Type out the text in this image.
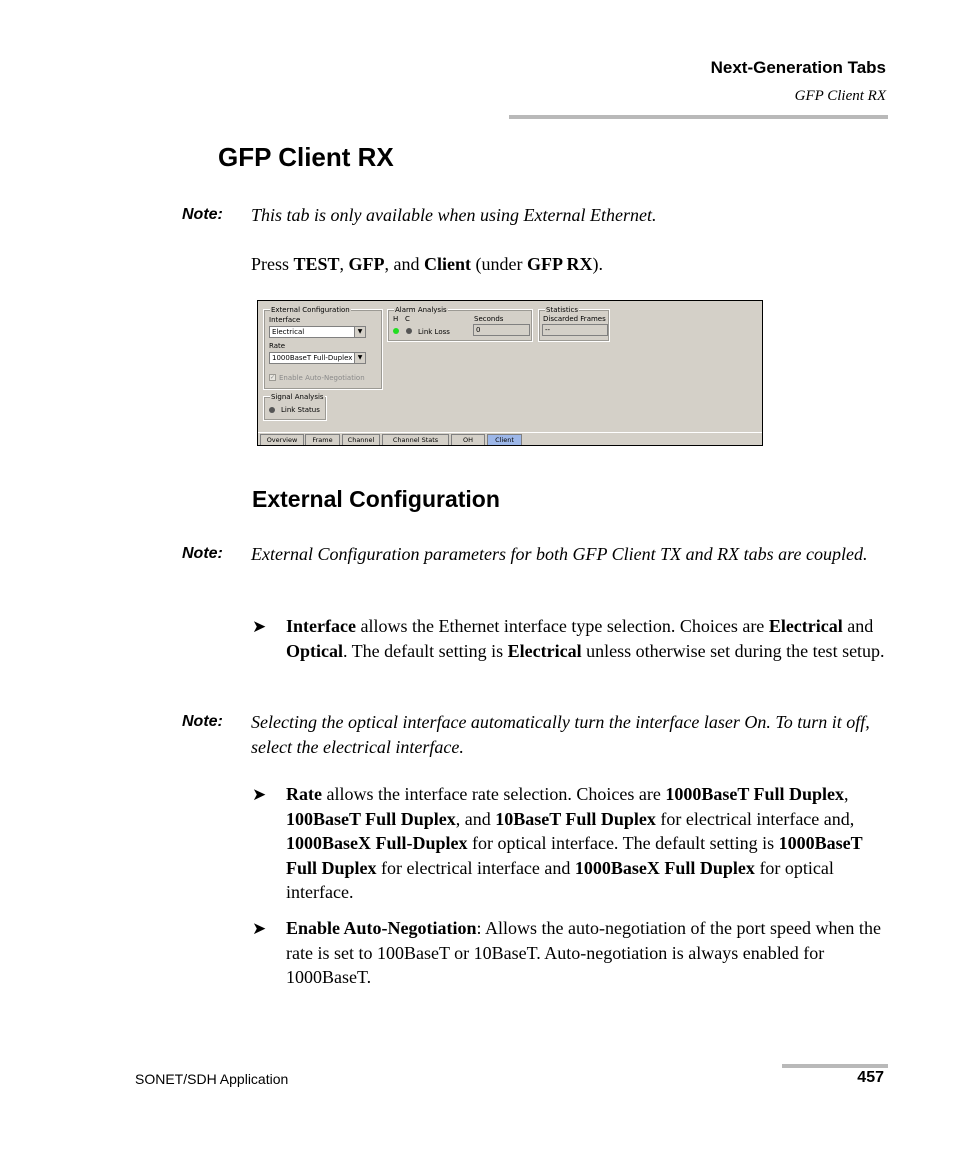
Next-Generation Tabs
GFP Client RX
GFP Client RX
Note: This tab is only available when using External Ethernet.
Press TEST, GFP, and Client (under GFP RX).
External Configuration
Interface
Electrical	▼
Rate
1000BaseT Full-Duplex ▼
✓ Enable Auto-Negotiation
Alarm Analysis
H C
Link Loss
Seconds
0
Statistics
Discarded Frames
--
Signal Analysis
Link Status
Overview	Frame	Channel	Channel Stats	OH	Client
External Configuration
Note: External Configuration parameters for both GFP Client TX and RX tabs are coupled.
➤ Interface allows the Ethernet interface type selection. Choices are Electrical and Optical. The default setting is Electrical unless otherwise set during the test setup.
Note: Selecting the optical interface automatically turn the interface laser On. To turn it off, select the electrical interface.
➤ Rate allows the interface rate selection. Choices are 1000BaseT Full Duplex, 100BaseT Full Duplex, and 10BaseT Full Duplex for electrical interface and, 1000BaseX Full-Duplex for optical interface. The default setting is 1000BaseT Full Duplex for electrical interface and 1000BaseX Full Duplex for optical interface.
➤ Enable Auto-Negotiation: Allows the auto-negotiation of the port speed when the rate is set to 100BaseT or 10BaseT. Auto-negotiation is always enabled for 1000BaseT.
SONET/SDH Application	457
